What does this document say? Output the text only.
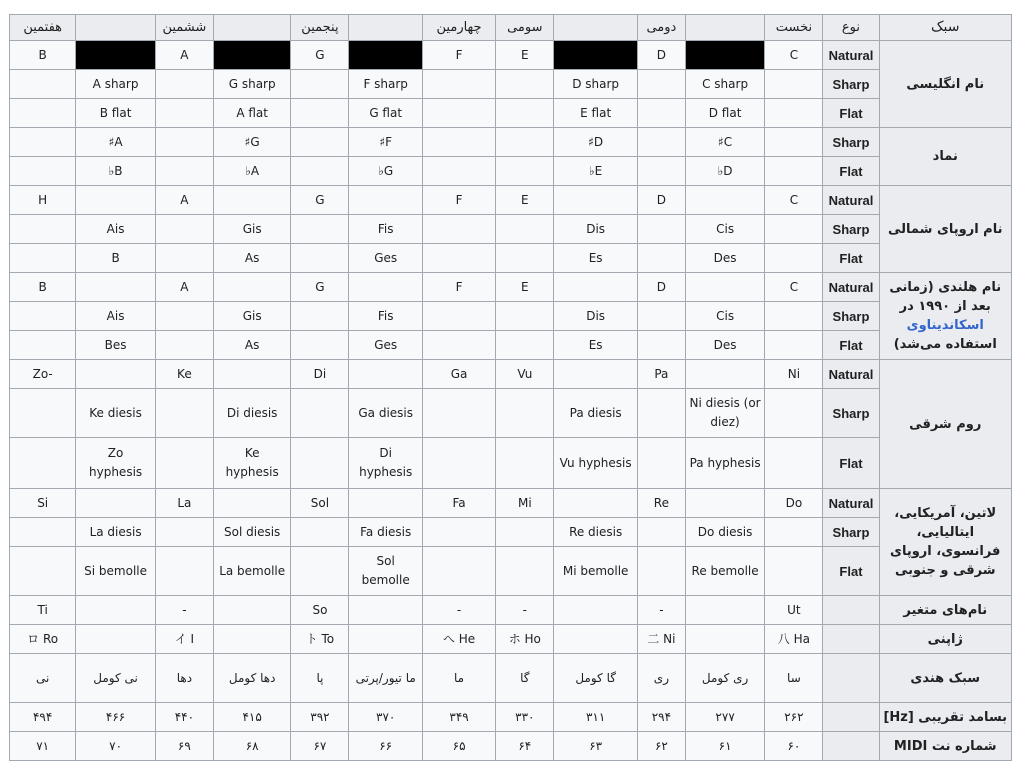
سبک	نوع	نخست		دومی		سومی	چهارمین		پنجمین		ششمین		هفتمین
نام انگلیسی	Natural	C		D		E	F		G		A		B
	Sharp		C sharp		D sharp			F sharp		G sharp		A sharp	
	Flat		D flat		E flat			G flat		A flat		B flat	
نماد	Sharp		♯C		♯D			♯F		♯G		♯A	
	Flat		♭D		♭E			♭G		♭A		♭B	
نام اروپای شمالی	Natural	C		D		E	F		G		A		H
	Sharp		Cis		Dis			Fis		Gis		Ais	
	Flat		Des		Es			Ges		As		B	
نام هلندی (زمانی بعد از ۱۹۹۰ در اسکاندیناوی استفاده می‌شد)	Natural	C		D		E	F		G		A		B
	Sharp		Cis		Dis			Fis		Gis		Ais	
	Flat		Des		Es			Ges		As		Bes	
روم شرقی	Natural	Ni		Pa		Vu	Ga		Di		Ke		Zo-
	Sharp		Ni diesis (or diez)		Pa diesis			Ga diesis		Di diesis		Ke diesis	
	Flat		Pa hyphesis		Vu hyphesis			Di hyphesis		Ke hyphesis		Zo hyphesis	
لاتین، آمریکایی، ایتالیایی، فرانسوی، اروپای شرقی و جنوبی	Natural	Do		Re		Mi	Fa		Sol		La		Si
	Sharp		Do diesis		Re diesis			Fa diesis		Sol diesis		La diesis	
	Flat		Re bemolle		Mi bemolle			Sol bemolle		La bemolle		Si bemolle	
نام‌های متغیر		Ut		-		-	-		So		-		Ti
ژاپنی		八 Ha		二 Ni		ホ Ho	へ He		ト To		イ I		ロ Ro
سبک هندی		سا	ری کومل	ری	گا کومل	گا	ما	ما تیور/پرتی	پا	دها کومل	دها	نی کومل	نی
بسامد تقریبی [Hz]		۲۶۲	۲۷۷	۲۹۴	۳۱۱	۳۳۰	۳۴۹	۳۷۰	۳۹۲	۴۱۵	۴۴۰	۴۶۶	۴۹۴
شماره نت MIDI		۶۰	۶۱	۶۲	۶۳	۶۴	۶۵	۶۶	۶۷	۶۸	۶۹	۷۰	۷۱
